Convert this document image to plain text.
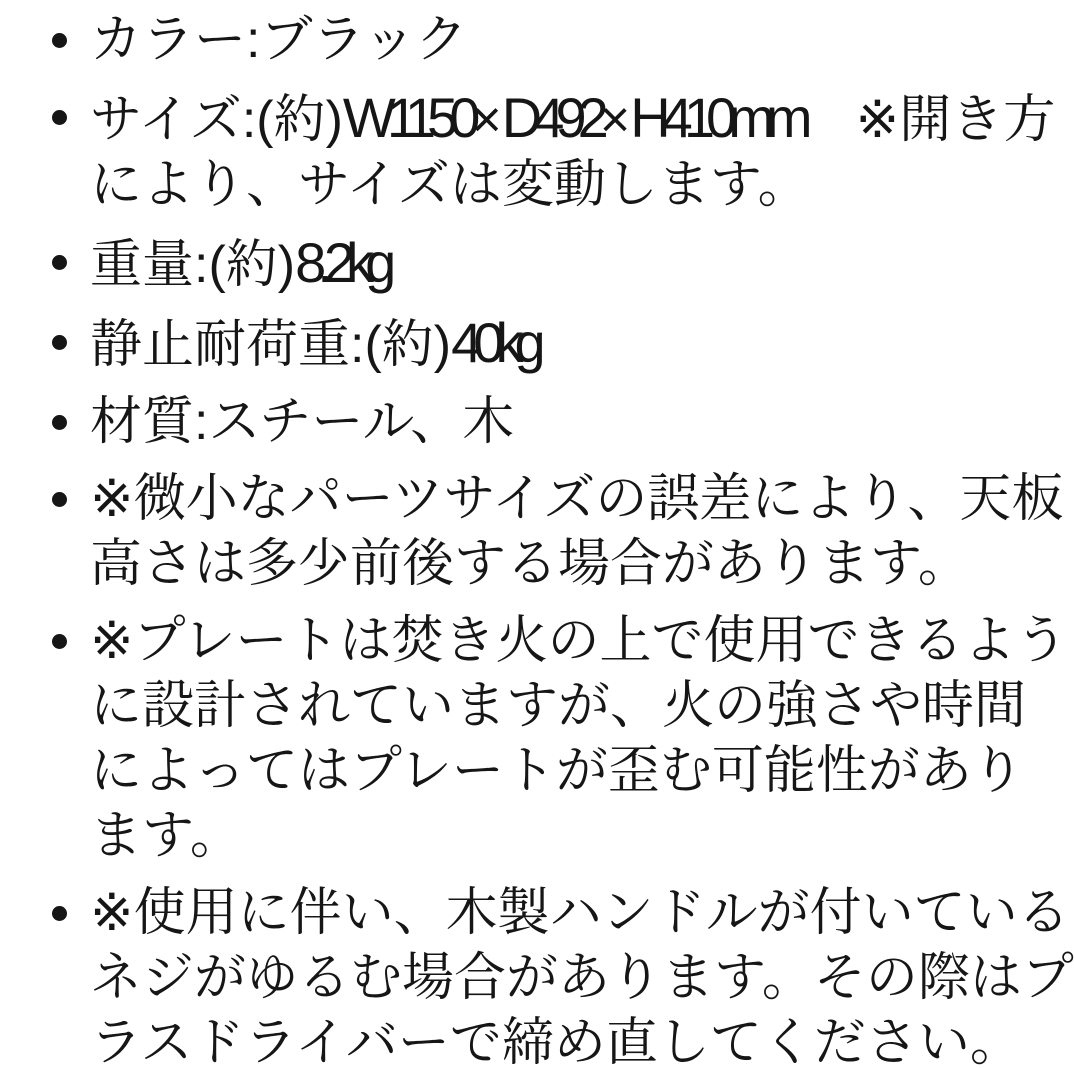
カラー:ブラック
サイズ:(約)W1150×D492×H410mm　※開き方により、サイズは変動します。
重量:(約)8.2kg
静止耐荷重:(約)40kg
材質:スチール、木
※微小なパーツサイズの誤差により、天板高さは多少前後する場合があります。
※プレートは焚き火の上で使用できるように設計されていますが、火の強さや時間によってはプレートが歪む可能性があります。
※使用に伴い、木製ハンドルが付いているネジがゆるむ場合があります。その際はプラスドライバーで締め直してください。
